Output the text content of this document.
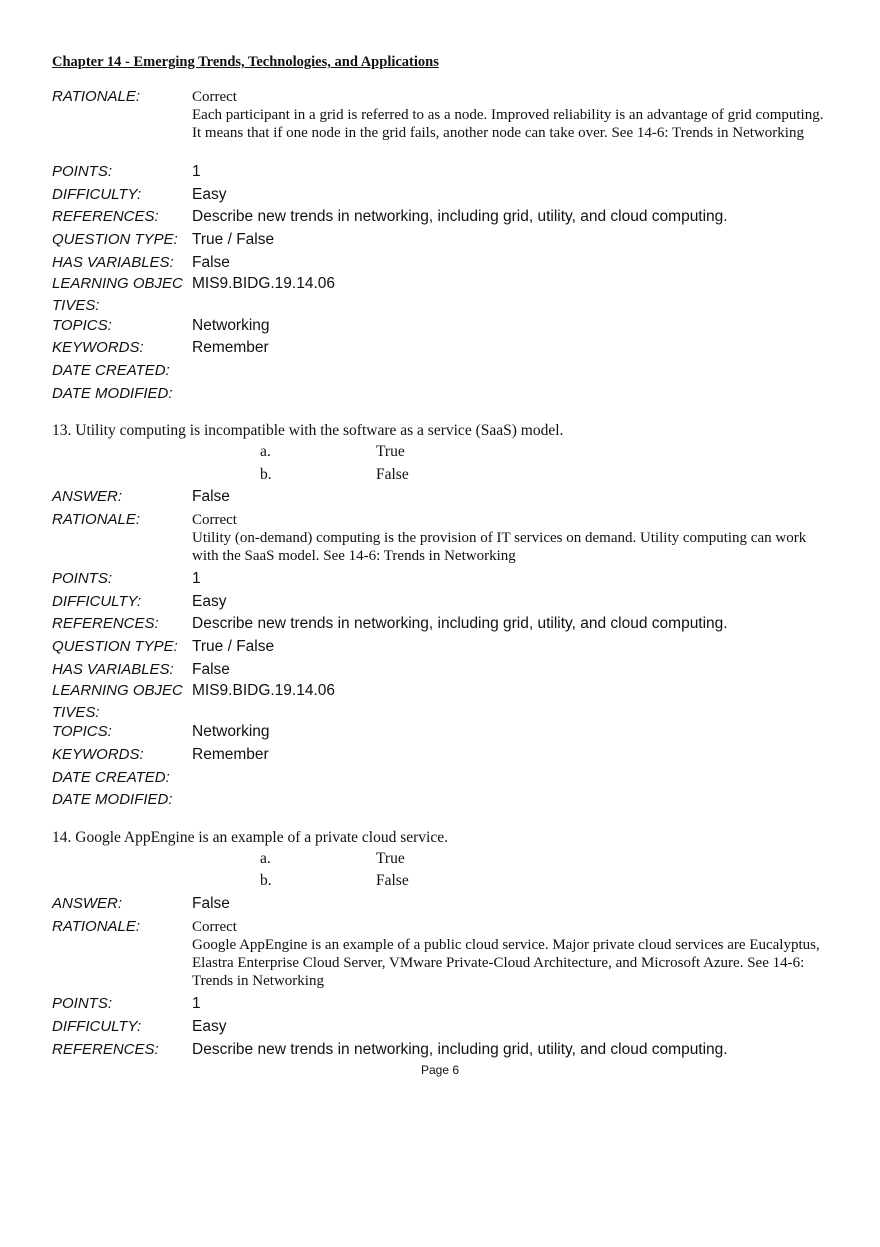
Chapter 14 - Emerging Trends, Technologies, and Applications
RATIONALE:	Correct
Each participant in a grid is referred to as a node. Improved reliability is an advantage of grid computing. It means that if one node in the grid fails, another node can take over. See 14-6: Trends in Networking
POINTS:	1
DIFFICULTY:	Easy
REFERENCES:	Describe new trends in networking, including grid, utility, and cloud computing.
QUESTION TYPE: True / False
HAS VARIABLES:	False
LEARNING OBJECTIVES:
MIS9.BIDG.19.14.06
TOPICS:	Networking
KEYWORDS:	Remember
DATE CREATED:
DATE MODIFIED:
13. Utility computing is incompatible with the software as a service (SaaS) model.
a.	True
b.	False
ANSWER:	False
RATIONALE:	Correct
Utility (on-demand) computing is the provision of IT services on demand. Utility computing can work with the SaaS model. See 14-6: Trends in Networking
POINTS:	1
DIFFICULTY:	Easy
REFERENCES:	Describe new trends in networking, including grid, utility, and cloud computing.
QUESTION TYPE: True / False
HAS VARIABLES:	False
LEARNING OBJECTIVES:
MIS9.BIDG.19.14.06
TOPICS:	Networking
KEYWORDS:	Remember
DATE CREATED:
DATE MODIFIED:
14. Google AppEngine is an example of a private cloud service.
a.	True
b.	False
ANSWER:	False
RATIONALE:	Correct
Google AppEngine is an example of a public cloud service. Major private cloud services are Eucalyptus, Elastra Enterprise Cloud Server, VMware Private-Cloud Architecture, and Microsoft Azure. See 14-6: Trends in Networking
POINTS:	1
DIFFICULTY:	Easy
REFERENCES:	Describe new trends in networking, including grid, utility, and cloud computing.
Page 6
